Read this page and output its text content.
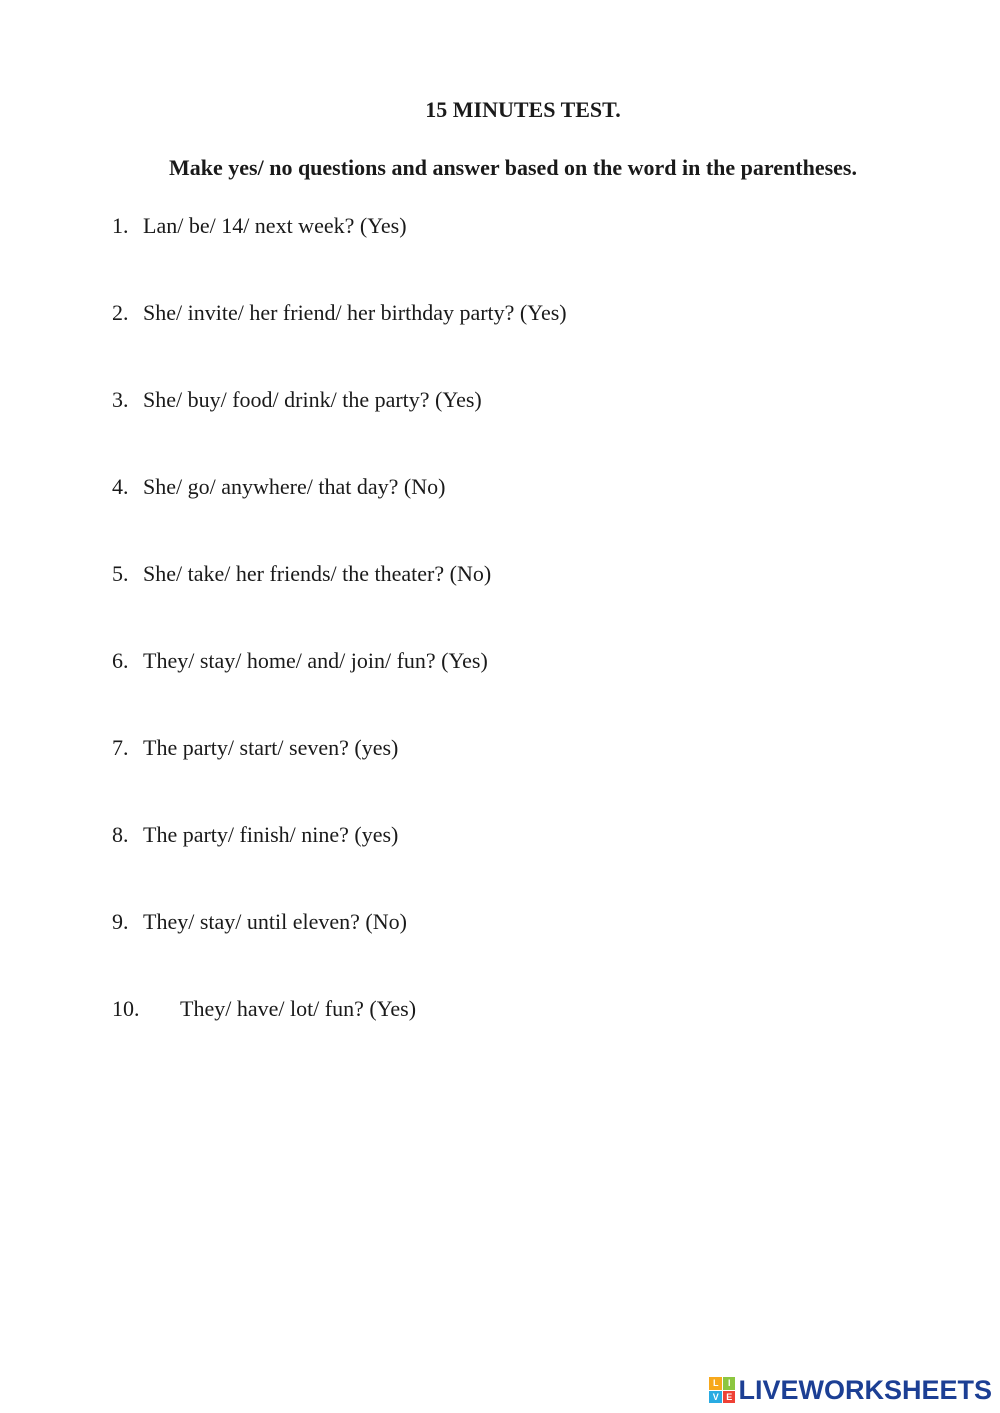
15 MINUTES TEST.
Make yes/ no questions and answer based on the word in the parentheses.
1. Lan/ be/ 14/ next week? (Yes)
2. She/ invite/ her friend/ her birthday party? (Yes)
3. She/ buy/ food/ drink/ the party? (Yes)
4. She/ go/ anywhere/ that day? (No)
5. She/ take/ her friends/ the theater? (No)
6. They/ stay/ home/ and/ join/ fun? (Yes)
7. The party/ start/ seven? (yes)
8. The party/ finish/ nine? (yes)
9. They/ stay/ until eleven? (No)
10. They/ have/ lot/ fun? (Yes)
L	I
V E LIVEWORKSHEETS
